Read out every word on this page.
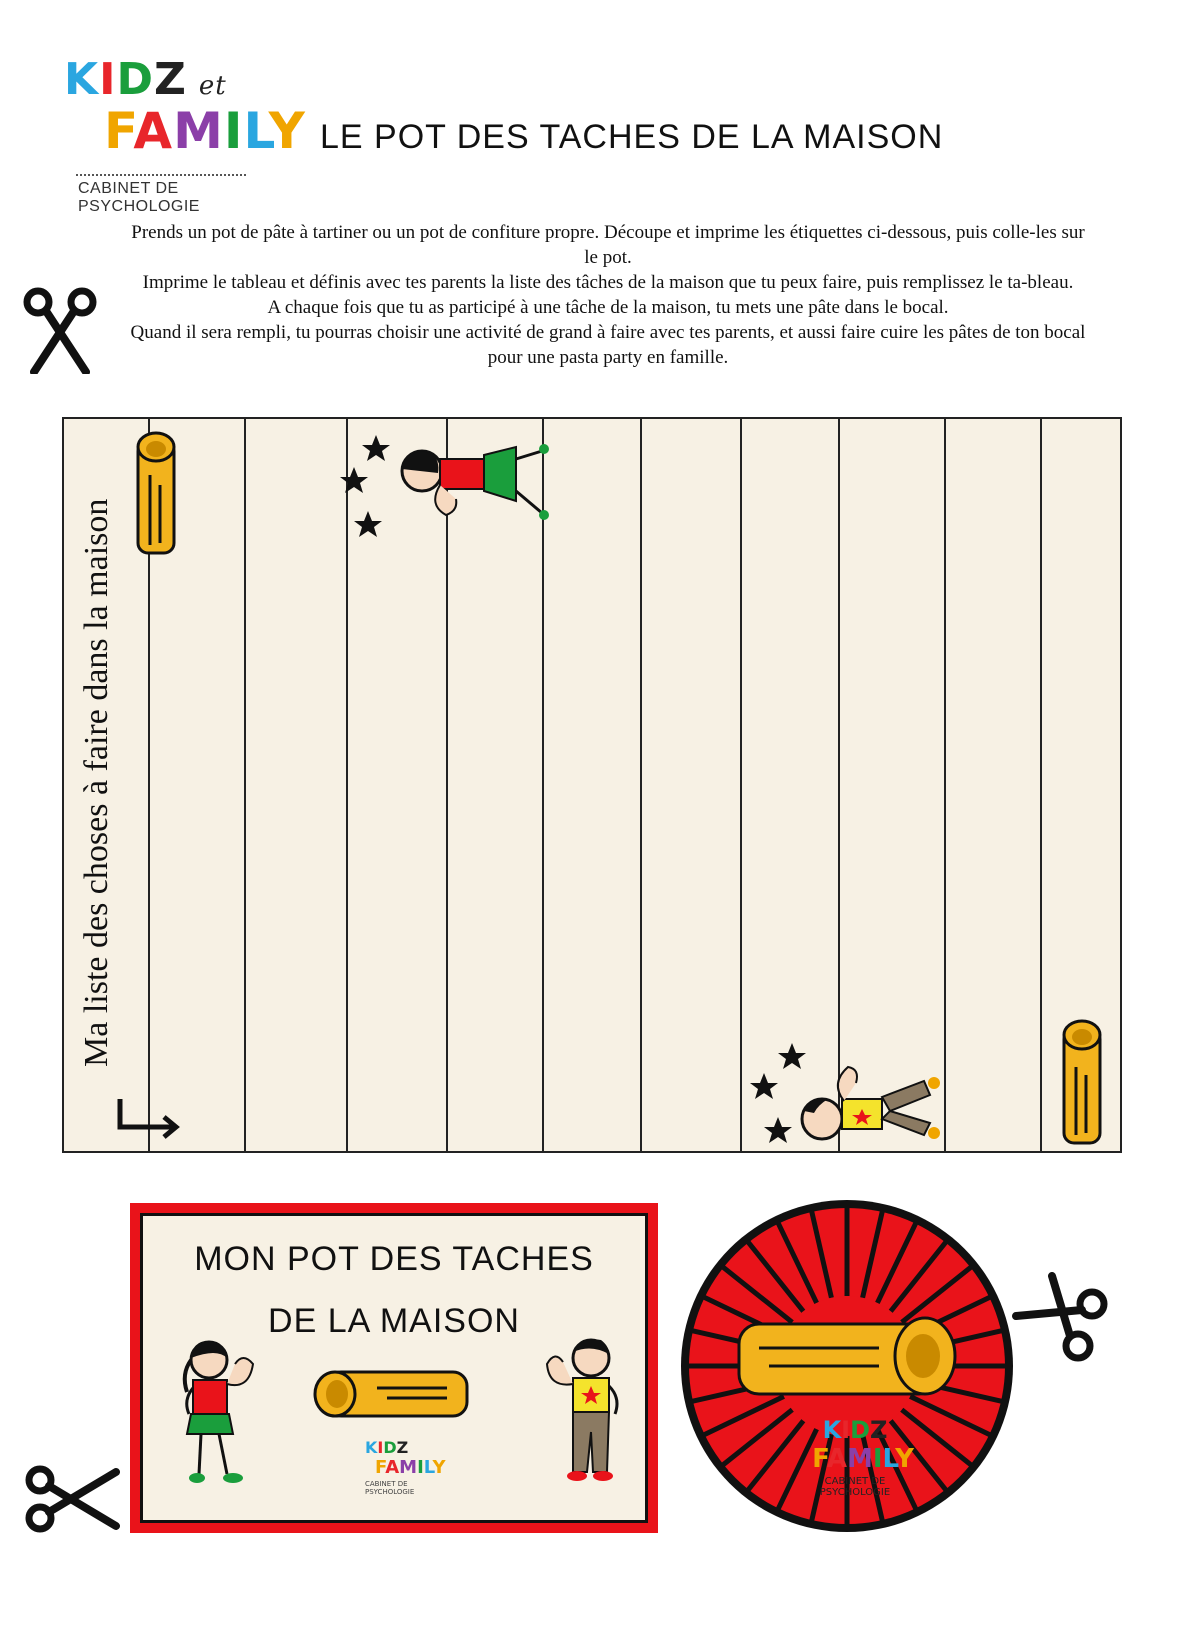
KIDZ et
FAMILY
CABINET DE PSYCHOLOGIE
LE POT DES TACHES DE LA MAISON

Prends un pot de pâte à tartiner ou un pot de confiture propre. Découpe et imprime les étiquettes ci-dessous, puis colle-les sur le pot.

Imprime le tableau et définis avec tes parents la liste des tâches de la maison que tu peux faire, puis remplissez le ta-bleau.

A chaque fois que tu as participé à une tâche de la maison, tu mets une pâte dans le bocal.

Quand il sera rempli, tu pourras choisir une activité de grand à faire avec tes parents, et aussi faire cuire les pâtes de ton bocal pour une pasta party en famille.

Ma liste des choses à faire dans la maison
MON POT DES TACHES
DE LA MAISON
KIDZ
FAMILY
CABINET DE PSYCHOLOGIE
KIDZ
FAMILY
CABINET DE PSYCHOLOGIE
